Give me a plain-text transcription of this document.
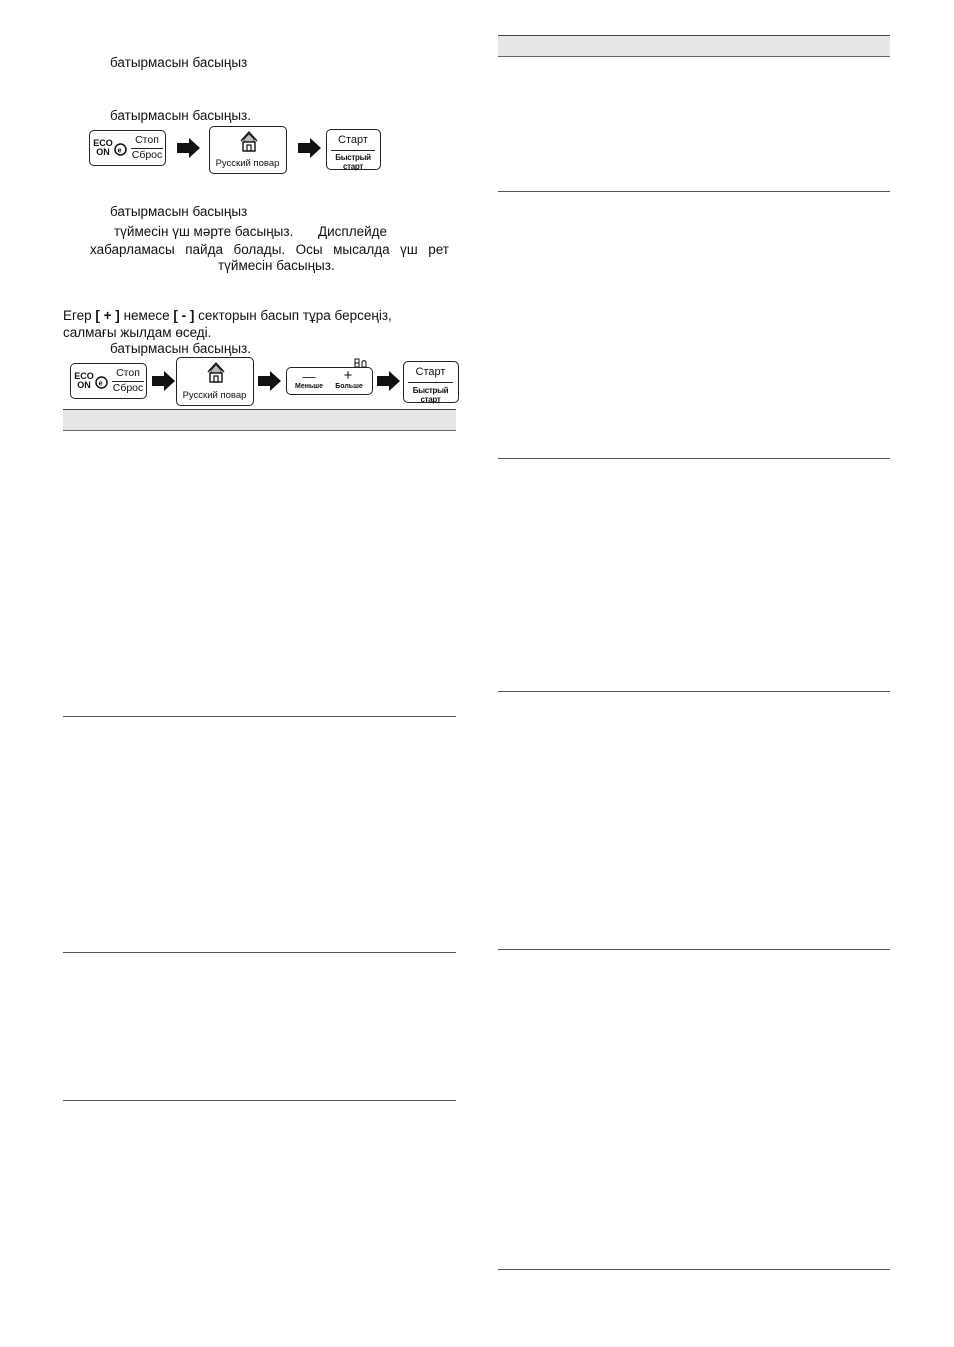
батырмасын басыңыз
батырмасын басыңыз.
ECO
ON	e
Стоп
Сброс
Русский повар
Старт
Быстрый старт
батырмасын басыңыз
түймесін үш мәрте басыңыз. Дисплейде
хабарламасы пайда болады. Осы мысалда үш рет
түймесін басыңыз.
Егер [ + ] немесе [ - ] секторын басып тұра берсеңіз,
салмағы жылдам өседі.
батырмасын басыңыз.
ECO
ON	e
Стоп
Сброс
Русский повар
— +
Меньше	Больше
Старт
Быстрый старт
